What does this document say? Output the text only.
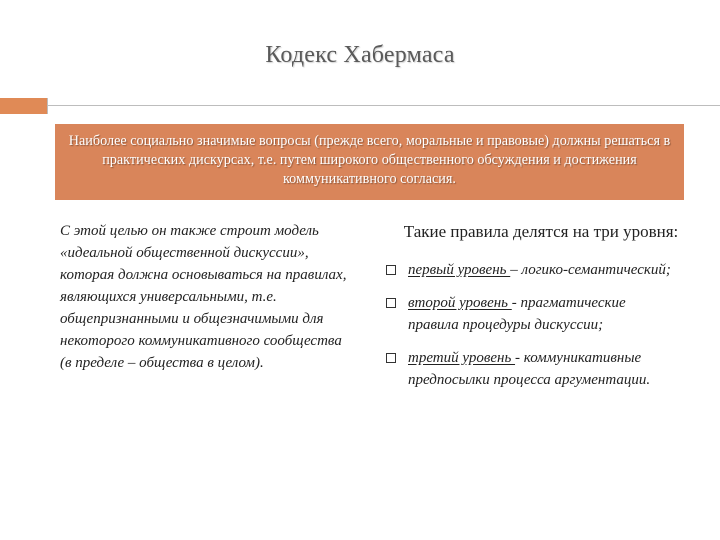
Кодекс Хабермаса
Наиболее социально значимые вопросы (прежде всего, моральные и правовые) должны решаться в практических дискурсах, т.е. путем широкого общественного обсуждения и достижения коммуникативного согласия.
С этой целью он также строит модель «идеальной общественной дискуссии», которая должна основываться на правилах, являющихся универсальными, т.е. общепризнанными и общезначимыми для некоторого коммуникативного сообщества (в пределе – общества в целом).
Такие правила делятся на три уровня:
первый уровень – логико-семантический;
второй уровень - прагматические правила процедуры дискуссии;
третий уровень - коммуникативные предпосылки процесса аргументации.
